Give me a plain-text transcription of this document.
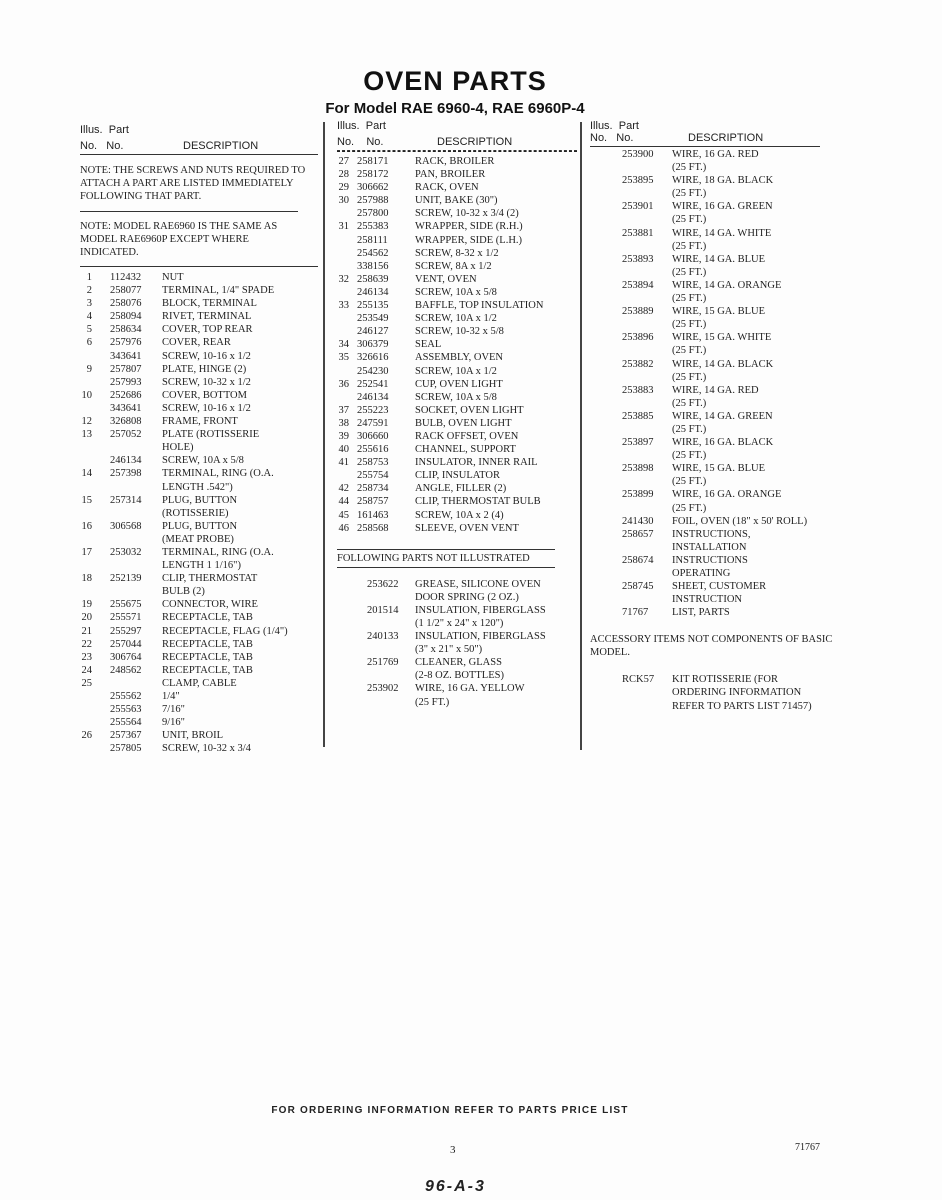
OVEN PARTS
For Model RAE 6960-4, RAE 6960P-4
Illus. Part
No. No.	DESCRIPTION
NOTE: THE SCREWS AND NUTS REQUIRED TO ATTACH A PART ARE LISTED IMMEDIATELY FOLLOWING THAT PART.
NOTE: MODEL RAE6960 IS THE SAME AS MODEL RAE6960P EXCEPT WHERE INDICATED.
1 112432 NUT
2 258077 TERMINAL, 1/4" SPADE
3 258076 BLOCK, TERMINAL
4 258094 RIVET, TERMINAL
5 258634 COVER, TOP REAR
6 257976 COVER, REAR
343641 SCREW, 10-16 x 1/2
9 257807 PLATE, HINGE (2)
257993 SCREW, 10-32 x 1/2
10 252686 COVER, BOTTOM
343641 SCREW, 10-16 x 1/2
12 326808 FRAME, FRONT
13 257052 PLATE (ROTISSERIE
HOLE)
246134 SCREW, 10A x 5/8
14 257398 TERMINAL, RING (O.A.
LENGTH .542")
15 257314 PLUG, BUTTON
(ROTISSERIE)
16 306568 PLUG, BUTTON
(MEAT PROBE)
17 253032 TERMINAL, RING (O.A.
LENGTH 1 1/16")
18 252139 CLIP, THERMOSTAT
BULB (2)
19 255675 CONNECTOR, WIRE
20 255571 RECEPTACLE, TAB
21 255297 RECEPTACLE, FLAG (1/4")
22 257044 RECEPTACLE, TAB
23 306764 RECEPTACLE, TAB
24 248562 RECEPTACLE, TAB
25	CLAMP, CABLE
255562 1/4"
255563 7/16"
255564 9/16"
26 257367 UNIT, BROIL
257805 SCREW, 10-32 x 3/4
Illus. Part
No. No.	DESCRIPTION
27 258171	RACK, BROILER
28 258172	PAN, BROILER
29 306662	RACK, OVEN
30 257988	UNIT, BAKE (30")
257800	SCREW, 10-32 x 3/4 (2)
31 255383	WRAPPER, SIDE (R.H.)
258111	WRAPPER, SIDE (L.H.)
254562	SCREW, 8-32 x 1/2
338156	SCREW, 8A x 1/2
32 258639	VENT, OVEN
246134	SCREW, 10A x 5/8
33 255135	BAFFLE, TOP INSULATION
253549	SCREW, 10A x 1/2
246127	SCREW, 10-32 x 5/8
34 306379	SEAL
35 326616	ASSEMBLY, OVEN
254230	SCREW, 10A x 1/2
36 252541	CUP, OVEN LIGHT
246134	SCREW, 10A x 5/8
37 255223	SOCKET, OVEN LIGHT
38 247591	BULB, OVEN LIGHT
39 306660	RACK OFFSET, OVEN
40 255616	CHANNEL, SUPPORT
41 258753	INSULATOR, INNER RAIL
255754	CLIP, INSULATOR
42 258734	ANGLE, FILLER (2)
44 258757	CLIP, THERMOSTAT BULB
45 161463	SCREW, 10A x 2 (4)
46 258568	SLEEVE, OVEN VENT
FOLLOWING PARTS NOT ILLUSTRATED
253622 GREASE, SILICONE OVEN
DOOR SPRING (2 OZ.)
201514 INSULATION, FIBERGLASS
(1 1/2" x 24" x 120")
240133 INSULATION, FIBERGLASS
(3" x 21" x 50")
251769 CLEANER, GLASS
(2-8 OZ. BOTTLES)
253902 WIRE, 16 GA. YELLOW
(25 FT.)
Illus. Part
No. No.	DESCRIPTION
253900 WIRE, 16 GA. RED
(25 FT.)
253895 WIRE, 18 GA. BLACK
(25 FT.)
253901 WIRE, 16 GA. GREEN
(25 FT.)
253881 WIRE, 14 GA. WHITE
(25 FT.)
253893 WIRE, 14 GA. BLUE
(25 FT.)
253894 WIRE, 14 GA. ORANGE
(25 FT.)
253889 WIRE, 15 GA. BLUE
(25 FT.)
253896 WIRE, 15 GA. WHITE
(25 FT.)
253882 WIRE, 14 GA. BLACK
(25 FT.)
253883 WIRE, 14 GA. RED
(25 FT.)
253885 WIRE, 14 GA. GREEN
(25 FT.)
253897 WIRE, 16 GA. BLACK
(25 FT.)
253898 WIRE, 15 GA. BLUE
(25 FT.)
253899 WIRE, 16 GA. ORANGE
(25 FT.)
241430 FOIL, OVEN (18" x 50' ROLL)
258657 INSTRUCTIONS,
INSTALLATION
258674 INSTRUCTIONS
OPERATING
258745 SHEET, CUSTOMER
INSTRUCTION
71767 LIST, PARTS
ACCESSORY ITEMS NOT COMPONENTS OF BASIC MODEL.
RCK57 KIT ROTISSERIE (FOR
ORDERING INFORMATION
REFER TO PARTS LIST 71457)
FOR ORDERING INFORMATION REFER TO PARTS PRICE LIST
3	71767
96-A-3
